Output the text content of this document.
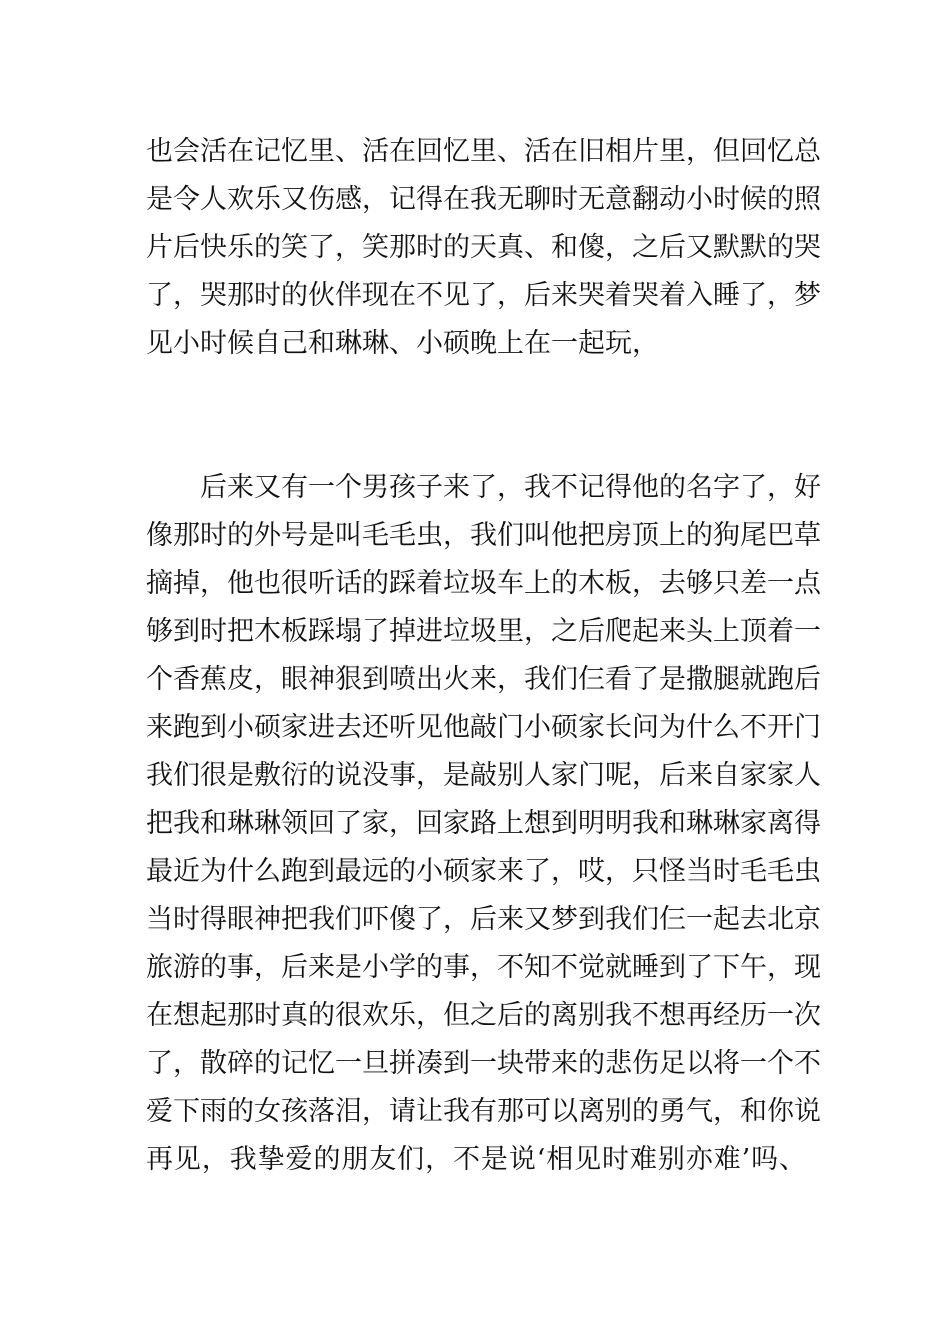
也会活在记忆里、活在回忆里、活在旧相片里，但回忆总
是令人欢乐又伤感，记得在我无聊时无意翻动小时候的照
片后快乐的笑了，笑那时的天真、和傻，之后又默默的哭
了，哭那时的伙伴现在不见了，后来哭着哭着入睡了，梦
见小时候自己和琳琳、小硕晚上在一起玩，
后来又有一个男孩子来了，我不记得他的名字了，好
像那时的外号是叫毛毛虫，我们叫他把房顶上的狗尾巴草
摘掉，他也很听话的踩着垃圾车上的木板，去够只差一点
够到时把木板踩塌了掉进垃圾里，之后爬起来头上顶着一
个香蕉皮，眼神狠到喷出火来，我们仨看了是撒腿就跑后
来跑到小硕家进去还听见他敲门小硕家长问为什么不开门
我们很是敷衍的说没事，是敲别人家门呢，后来自家家人
把我和琳琳领回了家，回家路上想到明明我和琳琳家离得
最近为什么跑到最远的小硕家来了，哎，只怪当时毛毛虫
当时得眼神把我们吓傻了，后来又梦到我们仨一起去北京
旅游的事，后来是小学的事，不知不觉就睡到了下午，现
在想起那时真的很欢乐，但之后的离别我不想再经历一次
了，散碎的记忆一旦拼凑到一块带来的悲伤足以将一个不
爱下雨的女孩落泪，请让我有那可以离别的勇气，和你说
再见，我挚爱的朋友们，不是说‘相见时难别亦难’吗、
